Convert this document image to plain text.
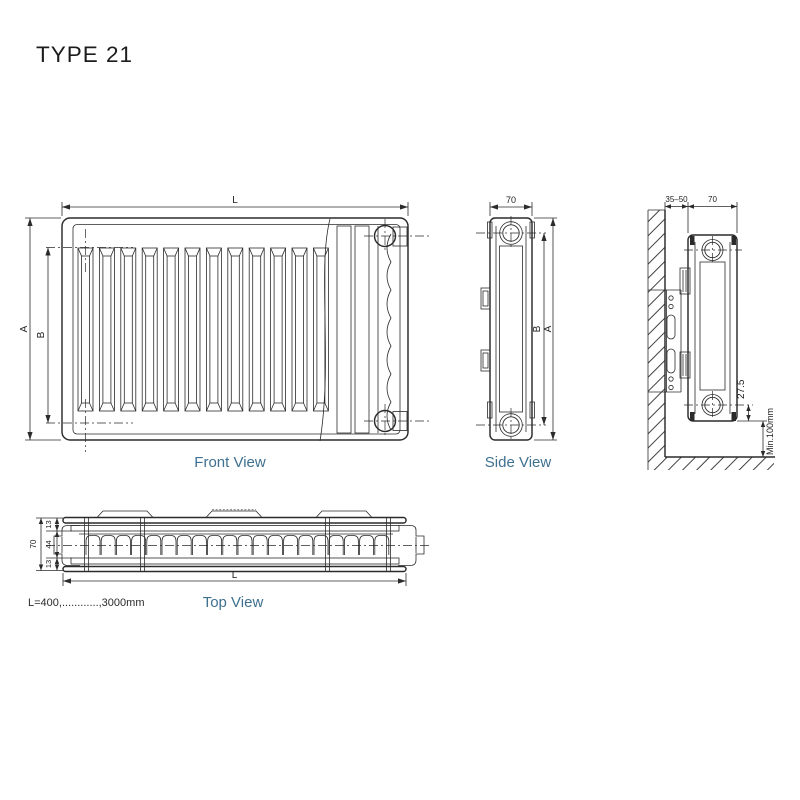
TYPE 21
L
A
B
Front View
70
B A
Side View
35–50	70
27.5
Min.100mm
70
13
44
13
L
Top View
L=400,............,3000mm
